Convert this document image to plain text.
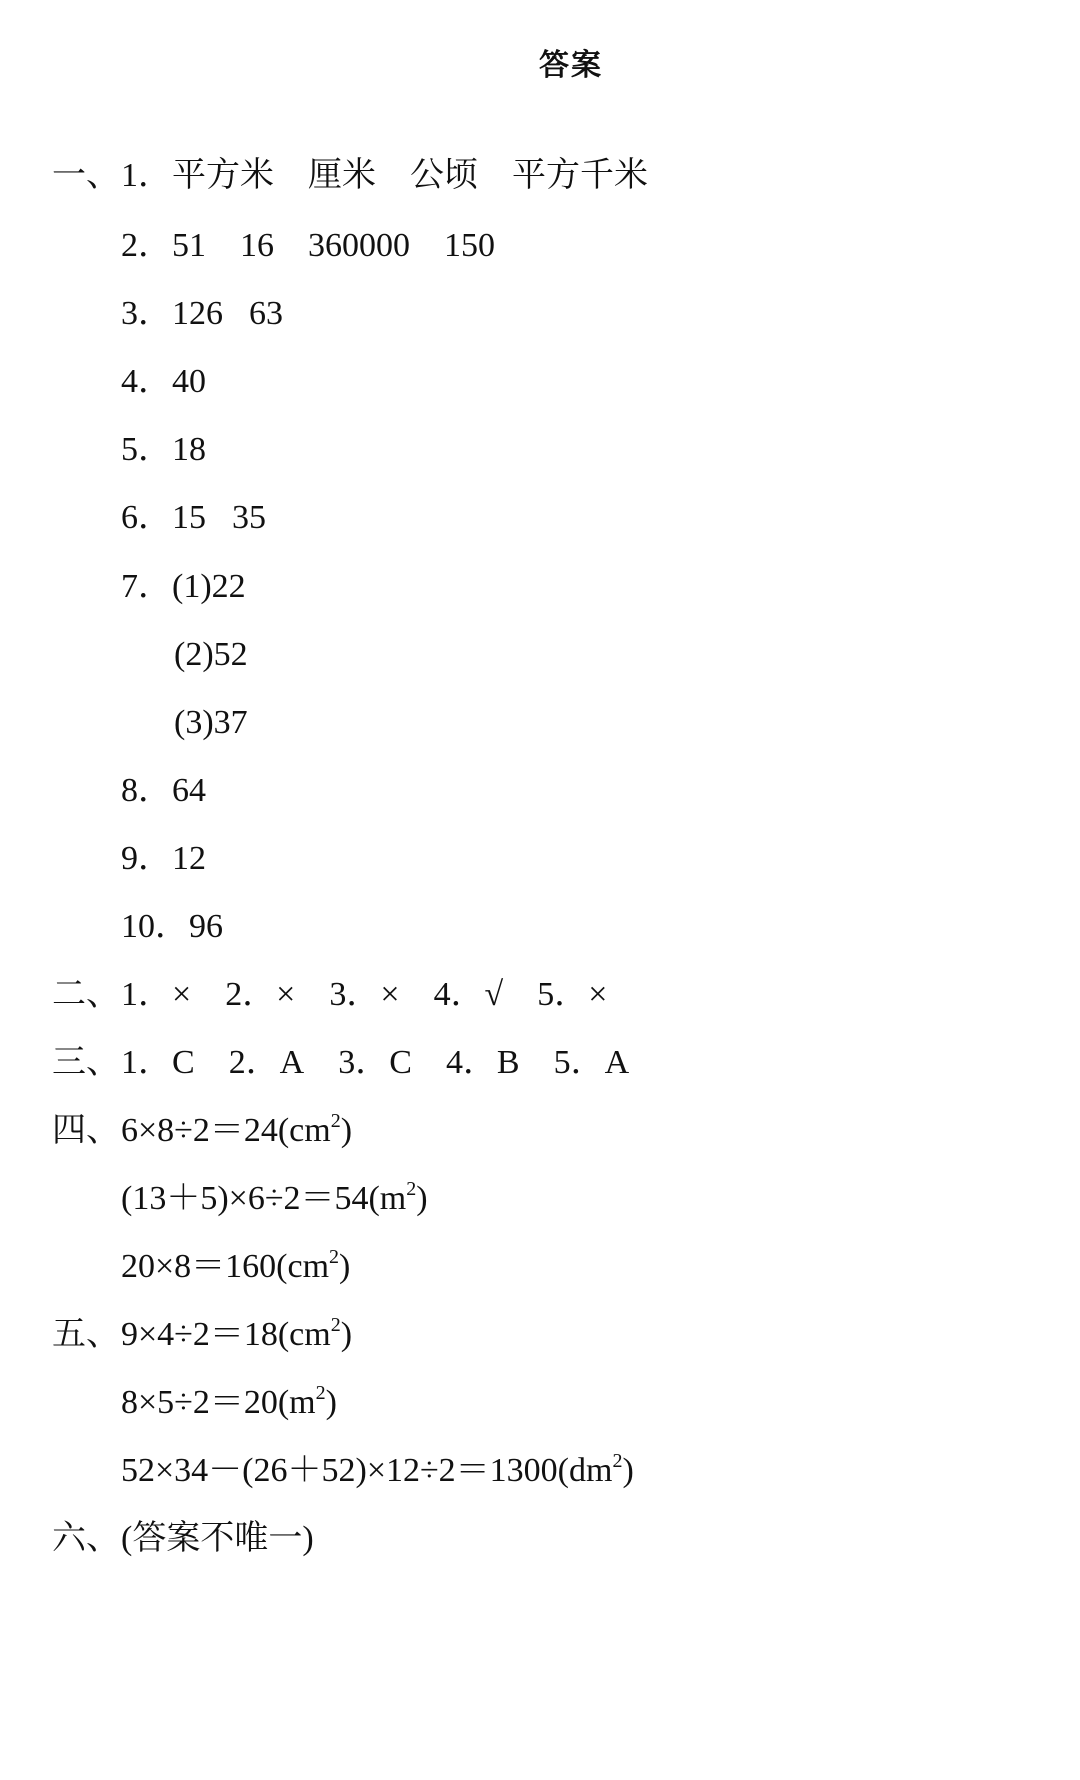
答案
一、 1．平方米 厘米 公顷 平方千米
2．51 16 360000 150
3．126 63
4．40
5．18
6．15 35
7．(1)22
(2)52
(3)37
8．64
9．12
10．96
二、 1．× 2．× 3．× 4．√ 5．×
三、 1．C 2．A 3．C 4．B 5．A
四、 $6\times 8\div 2=24(cm^2)$
$(13+5)\times 6\div 2=54(m^2)$
$20\times 8=160(cm^2)$
五、 $9\times 4\div 2=18(cm^2)$
$8\times 5\div 2=20(m^2)$
$52\times 34-(26+52)\times 12\div 2=1300(dm^2)$
六、 (答案不唯一)
